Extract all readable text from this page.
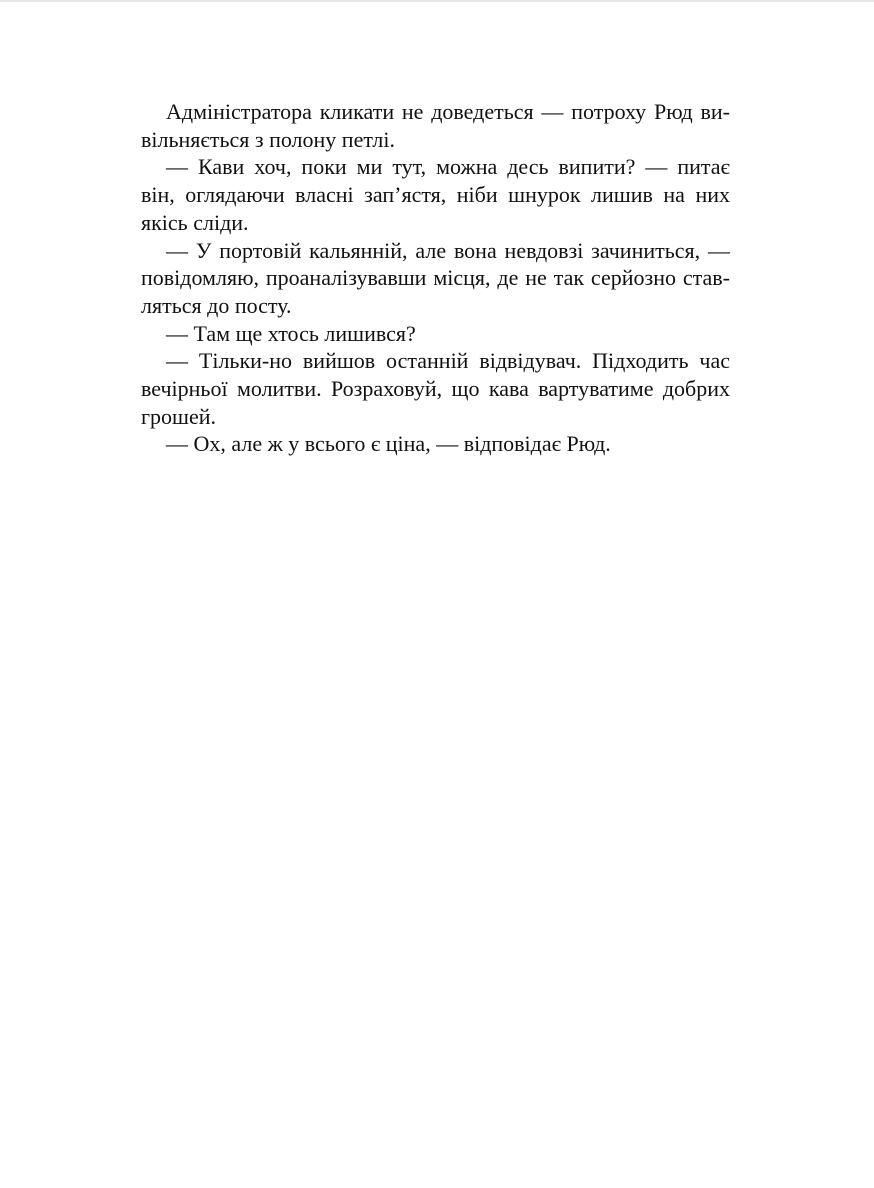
Адміністратора кликати не доведеться — потроху Рюд ви-
вільняється з полону петлі.

— Кави хоч, поки ми тут, можна десь випити? — питає
він, оглядаючи власні зап’ястя, ніби шнурок лишив на них
якісь сліди.

— У портовій кальянній, але вона невдовзі зачиниться, —
повідомляю, проаналізувавши місця, де не так серйозно став-
ляться до посту.

— Там ще хтось лишився?

— Тільки-но вийшов останній відвідувач. Підходить час
вечірньої молитви. Розраховуй, що кава вартуватиме добрих
грошей.

— Ох, але ж у всього є ціна, — відповідає Рюд.
